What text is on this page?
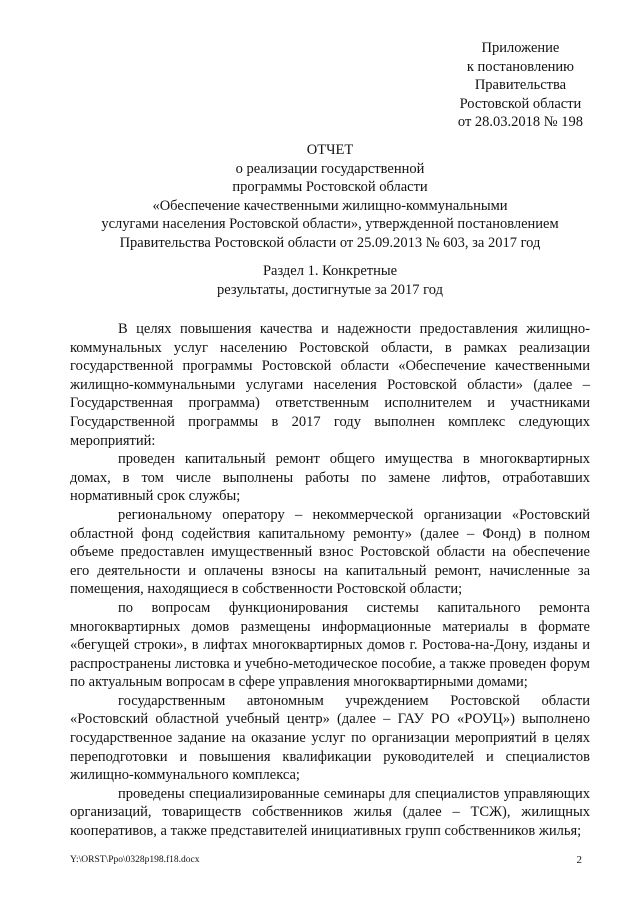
Приложение
к постановлению
Правительства
Ростовской области
от 28.03.2018 № 198
ОТЧЕТ
о реализации государственной
программы Ростовской области
«Обеспечение качественными жилищно-коммунальными
услугами населения Ростовской области», утвержденной постановлением
Правительства Ростовской области от 25.09.2013 № 603, за 2017 год
Раздел 1. Конкретные
результаты, достигнутые за 2017 год

В целях повышения качества и надежности предоставления жилищно-коммунальных услуг населению Ростовской области, в рамках реализации государственной программы Ростовской области «Обеспечение качественными жилищно-коммунальными услугами населения Ростовской области» (далее – Государственная программа) ответственным исполнителем и участниками Государственной программы в 2017 году выполнен комплекс следующих мероприятий:

проведен капитальный ремонт общего имущества в многоквартирных домах, в том числе выполнены работы по замене лифтов, отработавших нормативный срок службы;

региональному оператору – некоммерческой организации «Ростовский областной фонд содействия капитальному ремонту» (далее – Фонд) в полном объеме предоставлен имущественный взнос Ростовской области на обеспечение его деятельности и оплачены взносы на капитальный ремонт, начисленные за помещения, находящиеся в собственности Ростовской области;

по вопросам функционирования системы капитального ремонта многоквартирных домов размещены информационные материалы в формате «бегущей строки», в лифтах многоквартирных домов г. Ростова-на-Дону, изданы и распространены листовка и учебно-методическое пособие, а также проведен форум по актуальным вопросам в сфере управления многоквартирными домами;

государственным автономным учреждением Ростовской области «Ростовский областной учебный центр» (далее – ГАУ РО «РОУЦ») выполнено государственное задание на оказание услуг по организации мероприятий в целях переподготовки и повышения квалификации руководителей и специалистов жилищно-коммунального комплекса;

проведены специализированные семинары для специалистов управляющих организаций, товариществ собственников жилья (далее – ТСЖ), жилищных кооперативов, а также представителей инициативных групп собственников жилья;

Y:\ORST\Ppo\0328p198.f18.docx	2
